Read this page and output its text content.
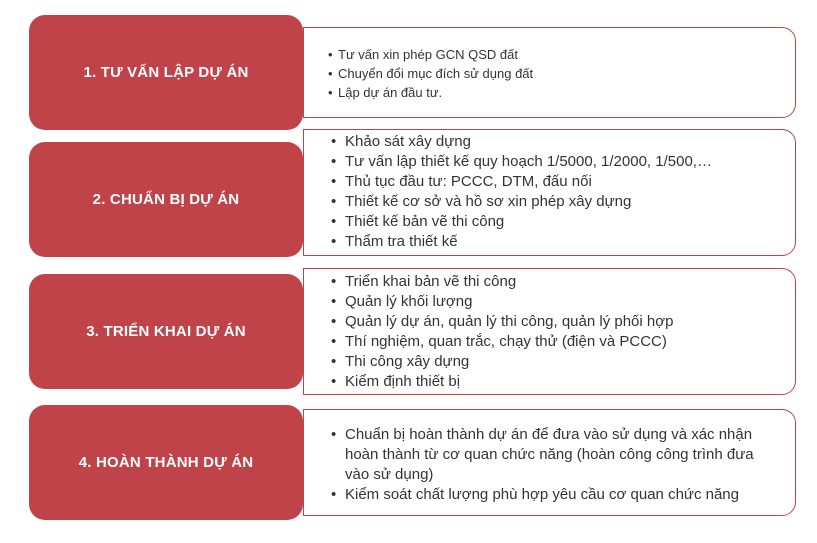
1. TƯ VẤN LẬP DỰ ÁN
• Tư vấn xin phép GCN QSD đất
• Chuyển đổi mục đích sử dụng đất
• Lập dự án đầu tư.
2. CHUẨN BỊ DỰ ÁN
• Khảo sát xây dựng
• Tư vấn lập thiết kế quy hoạch 1/5000, 1/2000, 1/500,…
• Thủ tục đầu tư: PCCC, DTM, đấu nối
• Thiết kế cơ sở và hồ sơ xin phép xây dựng
• Thiết kế bản vẽ thi công
• Thẩm tra thiết kế
3. TRIỂN KHAI DỰ ÁN
• Triển khai bản vẽ thi công
• Quản lý khối lượng
• Quản lý dự án, quản lý thi công, quản lý phối hợp
• Thí nghiệm, quan trắc, chạy thử (điện và PCCC)
• Thi công xây dựng
• Kiểm định thiết bị
4. HOÀN THÀNH DỰ ÁN
• Chuẩn bị hoàn thành dự án để đưa vào sử dụng và xác nhận hoàn thành từ cơ quan chức năng (hoàn công công trình đưa vào sử dụng)
• Kiểm soát chất lượng phù hợp yêu cầu cơ quan chức năng
